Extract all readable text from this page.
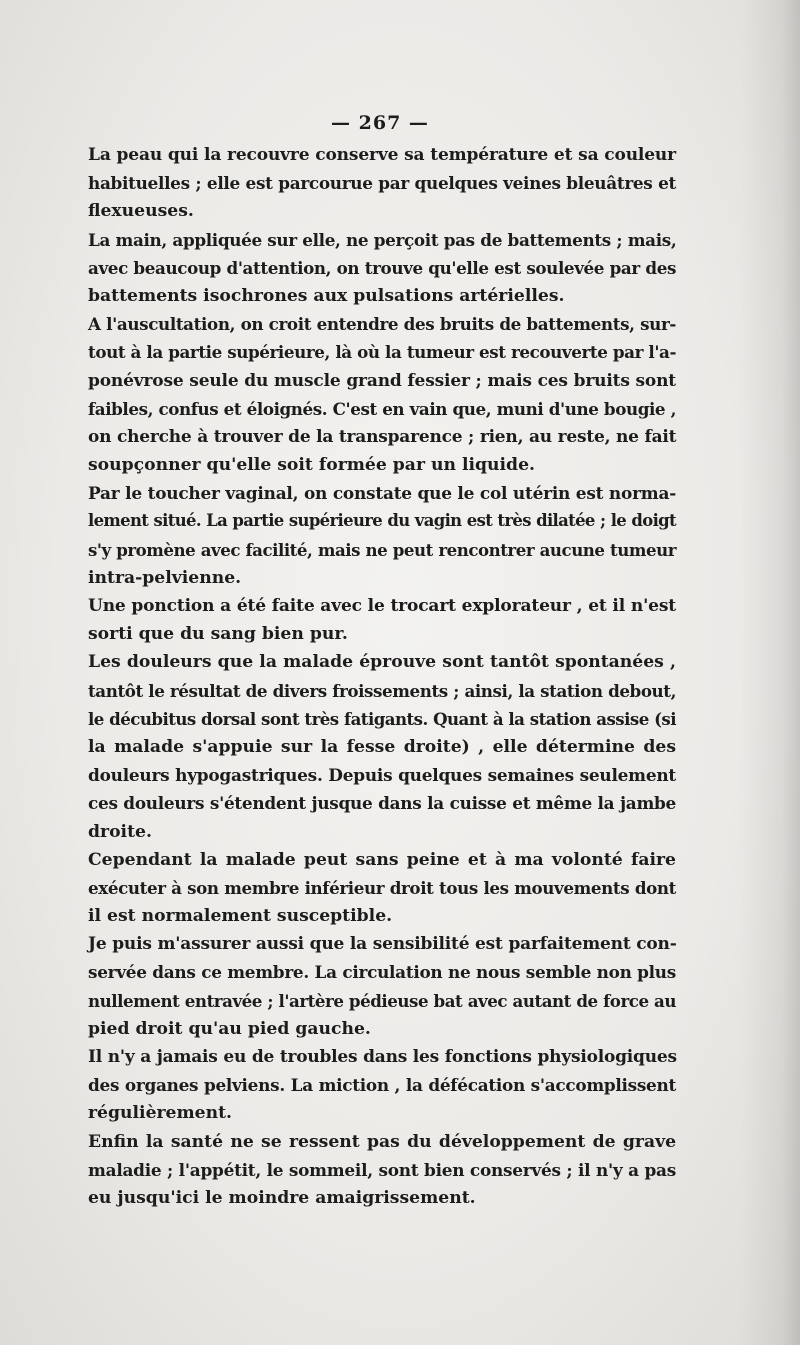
— 267 —

La peau qui la recouvre conserve sa température et sa couleur
habituelles ; elle est parcourue par quelques veines bleuâtres et
flexueuses.

La main, appliquée sur elle, ne perçoit pas de battements ; mais,
avec beaucoup d'attention, on trouve qu'elle est soulevée par des
battements isochrones aux pulsations artérielles.

A l'auscultation, on croit entendre des bruits de battements, sur-
tout à la partie supérieure, là où la tumeur est recouverte par l'a-
ponévrose seule du muscle grand fessier ; mais ces bruits sont
faibles, confus et éloignés. C'est en vain que, muni d'une bougie ,
on cherche à trouver de la transparence ; rien, au reste, ne fait
soupçonner qu'elle soit formée par un liquide.

Par le toucher vaginal, on constate que le col utérin est norma-
lement situé. La partie supérieure du vagin est très dilatée ; le doigt
s'y promène avec facilité, mais ne peut rencontrer aucune tumeur
intra-pelvienne.

Une ponction a été faite avec le trocart explorateur , et il n'est
sorti que du sang bien pur.

Les douleurs que la malade éprouve sont tantôt spontanées ,
tantôt le résultat de divers froissements ; ainsi, la station debout,
le décubitus dorsal sont très fatigants. Quant à la station assise (si
la malade s'appuie sur la fesse droite) , elle détermine des
douleurs hypogastriques. Depuis quelques semaines seulement
ces douleurs s'étendent jusque dans la cuisse et même la jambe
droite.

Cependant la malade peut sans peine et à ma volonté faire
exécuter à son membre inférieur droit tous les mouvements dont
il est normalement susceptible.

Je puis m'assurer aussi que la sensibilité est parfaitement con-
servée dans ce membre. La circulation ne nous semble non plus
nullement entravée ; l'artère pédieuse bat avec autant de force au
pied droit qu'au pied gauche.

Il n'y a jamais eu de troubles dans les fonctions physiologiques
des organes pelviens. La miction , la défécation s'accomplissent
régulièrement.

Enfin la santé ne se ressent pas du développement de grave
maladie ; l'appétit, le sommeil, sont bien conservés ; il n'y a pas
eu jusqu'ici le moindre amaigrissement.
